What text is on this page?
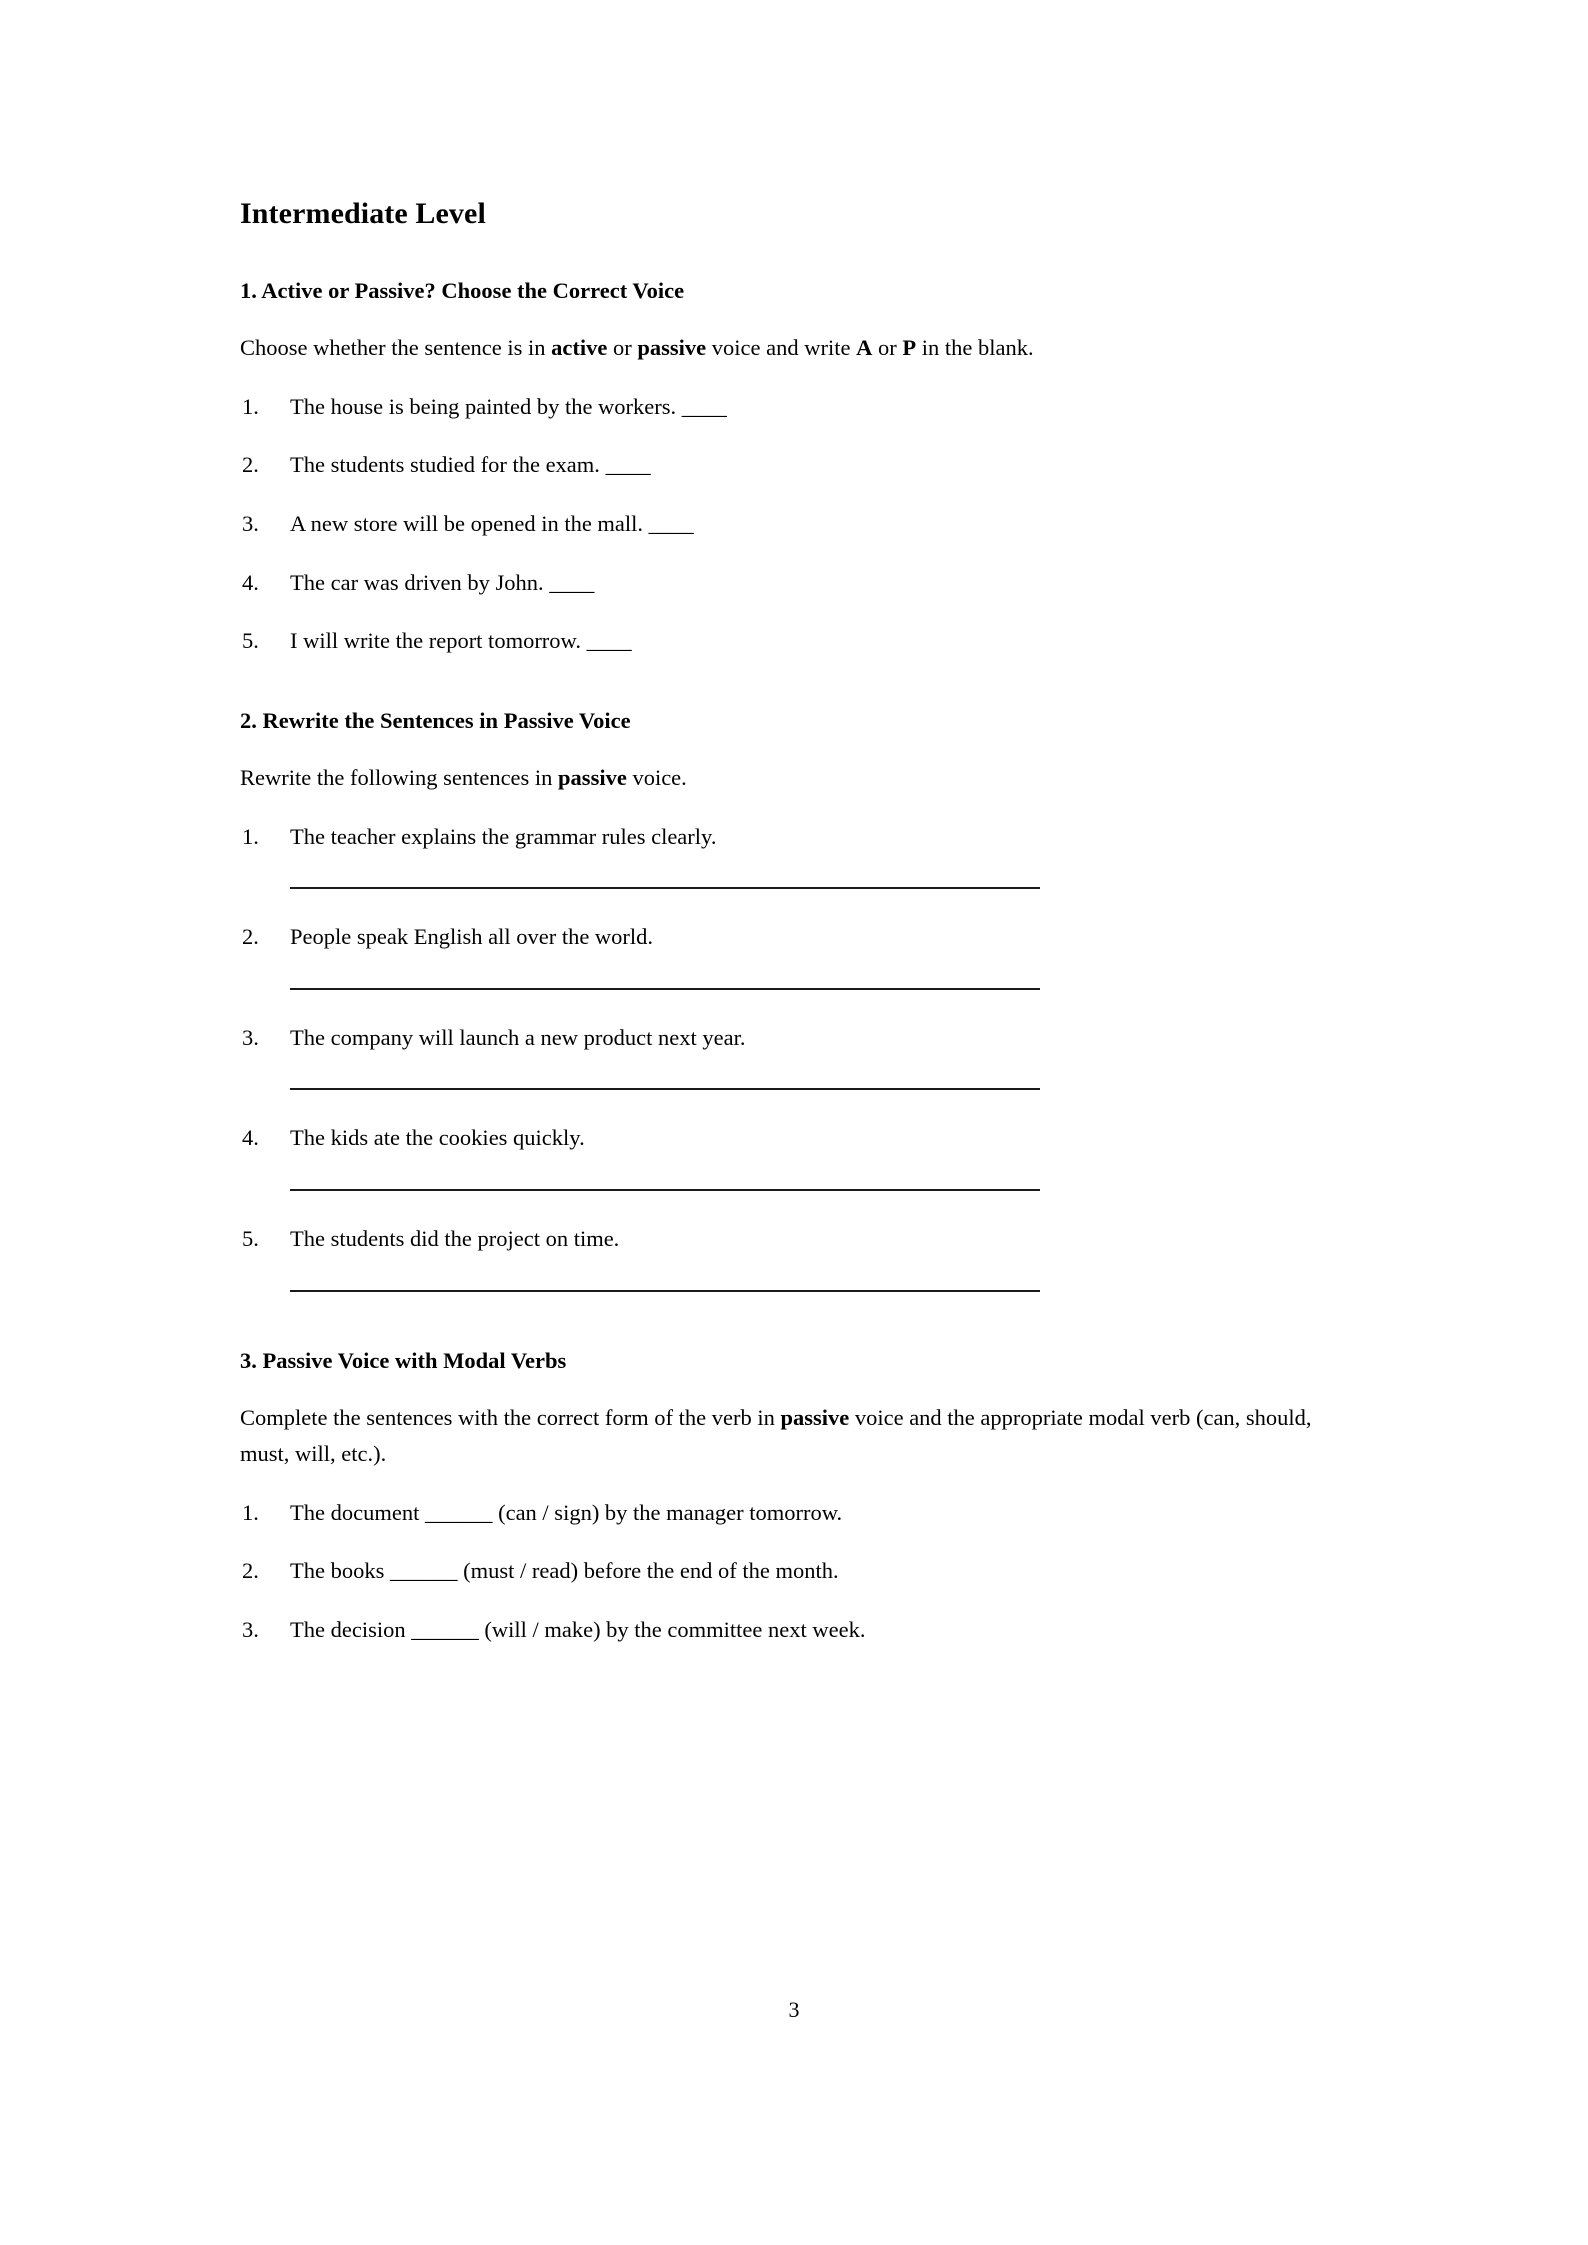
Intermediate Level
1. Active or Passive? Choose the Correct Voice

Choose whether the sentence is in active or passive voice and write A or P in the blank.

1.	The house is being painted by the workers. ____
2.	The students studied for the exam. ____
3.	A new store will be opened in the mall. ____
4.	The car was driven by John. ____
5.	I will write the report tomorrow. ____
2. Rewrite the Sentences in Passive Voice

Rewrite the following sentences in passive voice.

1.	The teacher explains the grammar rules clearly.
2.	People speak English all over the world.
3.	The company will launch a new product next year.
4.	The kids ate the cookies quickly.
5.	The students did the project on time.
3. Passive Voice with Modal Verbs

Complete the sentences with the correct form of the verb in passive voice and the appropriate modal verb (can, should, must, will, etc.).

1.	The document ______ (can / sign) by the manager tomorrow.
2.	The books ______ (must / read) before the end of the month.
3.	The decision ______ (will / make) by the committee next week.
3
